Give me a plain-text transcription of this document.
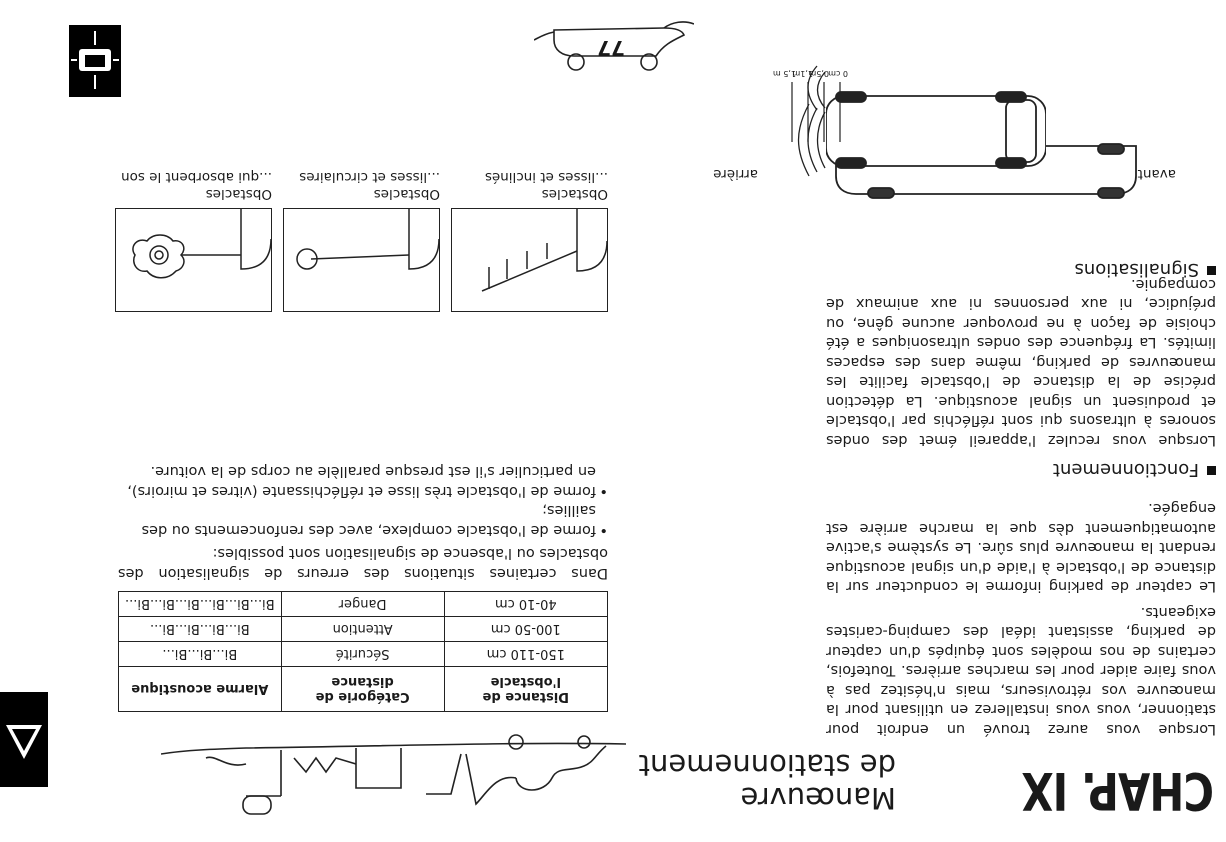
CHAP. IX
Manœuvre
de stationnement
77

Lorsque vous aurez trouvé un endroit pour stationner, vous vous installerez en utilisant pour la manœuvre vos rétroviseurs, mais n'hésitez pas à vous faire aider pour les marches arrières. Toutefois, certains de nos modèles sont équipés d'un capteur de parking, assistant idéal des camping-caristes exigeants.

Le capteur de parking informe le conducteur sur la distance de l'obstacle à l'aide d'un signal acoustique rendant la manœuvre plus sûre. Le système s'active automatiquement dès que la marche arrière est engagée.

Fonctionnement

Lorsque vous reculez l'appareil émet des ondes sonores à ultrasons qui sont réfléchis par l'obstacle et produisent un signal acoustique. La détection précise de la distance de l'obstacle facilite les manœuvres de parking, même dans des espaces limités. La fréquence des ondes ultrasoniques a été choisie de façon à ne provoquer aucune gêne, ou préjudice, ni aux personnes ni aux animaux de compagnie.

Signalisations
avant
arrière
0 cm
0,5m
1,1m
1,5 m
Distance de l'obstacle	Catégorie de distance	Alarme acoustique
150-110 cm	Sécurité	Bi...Bi...Bi...
100-50 cm	Attention	Bi...Bi...Bi...Bi...
40-10 cm	Danger	Bi...Bi...Bi...Bi...Bi...Bi...

Dans certaines situations des erreurs de signalisation des obstacles ou l'absence de signalisation sont possibles:

• forme de l'obstacle complexe, avec des renfoncements ou des saillies;
• forme de l'obstacle très lisse et réfléchissante (vitres et miroirs), en particulier s'il est presque parallèle au corps de la voiture.
Obstacles
...lisses et inclinés
Obstacles
...lisses et circulaires
Obstacles
...qui absorbent le son
